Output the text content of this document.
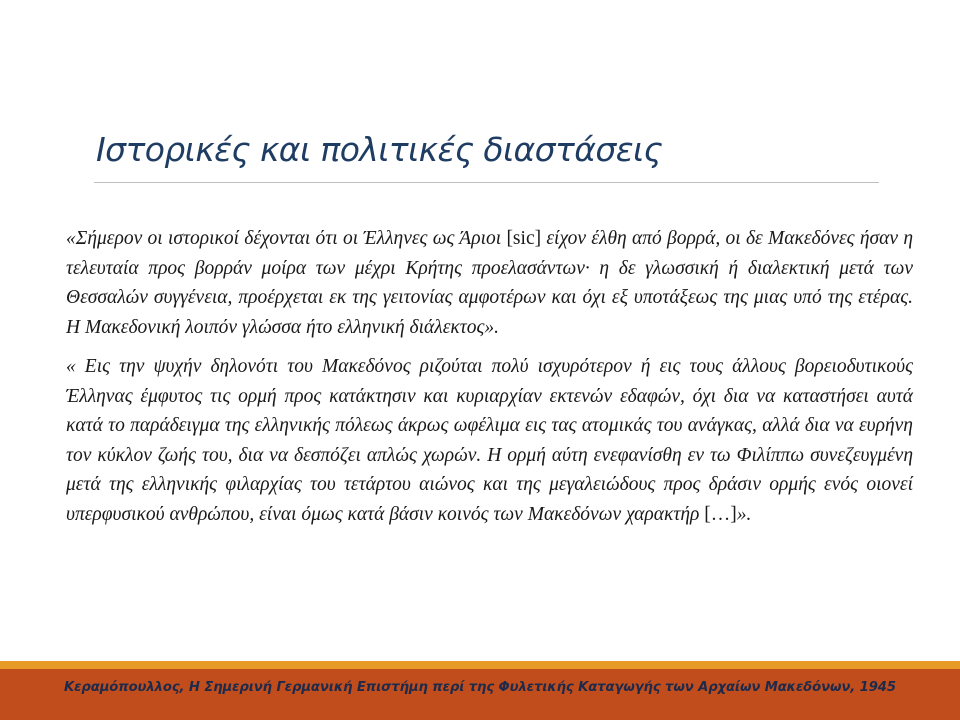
Ιστορικές και πολιτικές διαστάσεις

«Σήμερον οι ιστορικοί δέχονται ότι οι Έλληνες ως Άριοι [sic] είχον έλθη από βορρά, οι δε Μακεδόνες ήσαν η τελευταία προς βορράν μοίρα των μέχρι Κρήτης προελασάντων· η δε γλωσσική ή διαλεκτική μετά των Θεσσαλών συγγένεια, προέρχεται εκ της γειτονίας αμφοτέρων και όχι εξ υποτάξεως της μιας υπό της ετέρας. Η Μακεδονική λοιπόν γλώσσα ήτο ελληνική διάλεκτος».

« Εις την ψυχήν δηλονότι του Μακεδόνος ριζούται πολύ ισχυρότερον ή εις τους άλλους βορειοδυτικούς Έλληνας έμφυτος τις ορμή προς κατάκτησιν και κυριαρχίαν εκτενών εδαφών, όχι δια να καταστήσει αυτά κατά το παράδειγμα της ελληνικής πόλεως άκρως ωφέλιμα εις τας ατομικάς του ανάγκας, αλλά δια να ευρήνη τον κύκλον ζωής του, δια να δεσπόζει απλώς χωρών. Η ορμή αύτη ενεφανίσθη εν τω Φιλίππω συνεζευγμένη μετά της ελληνικής φιλαρχίας του τετάρτου αιώνος και της μεγαλειώδους προς δράσιν ορμής ενός οιονεί υπερφυσικού ανθρώπου, είναι όμως κατά βάσιν κοινός των Μακεδόνων χαρακτήρ […]».

Κεραμόπουλλος, Η Σημερινή Γερμανική Επιστήμη περί της Φυλετικής Καταγωγής των Αρχαίων Μακεδόνων, 1945
